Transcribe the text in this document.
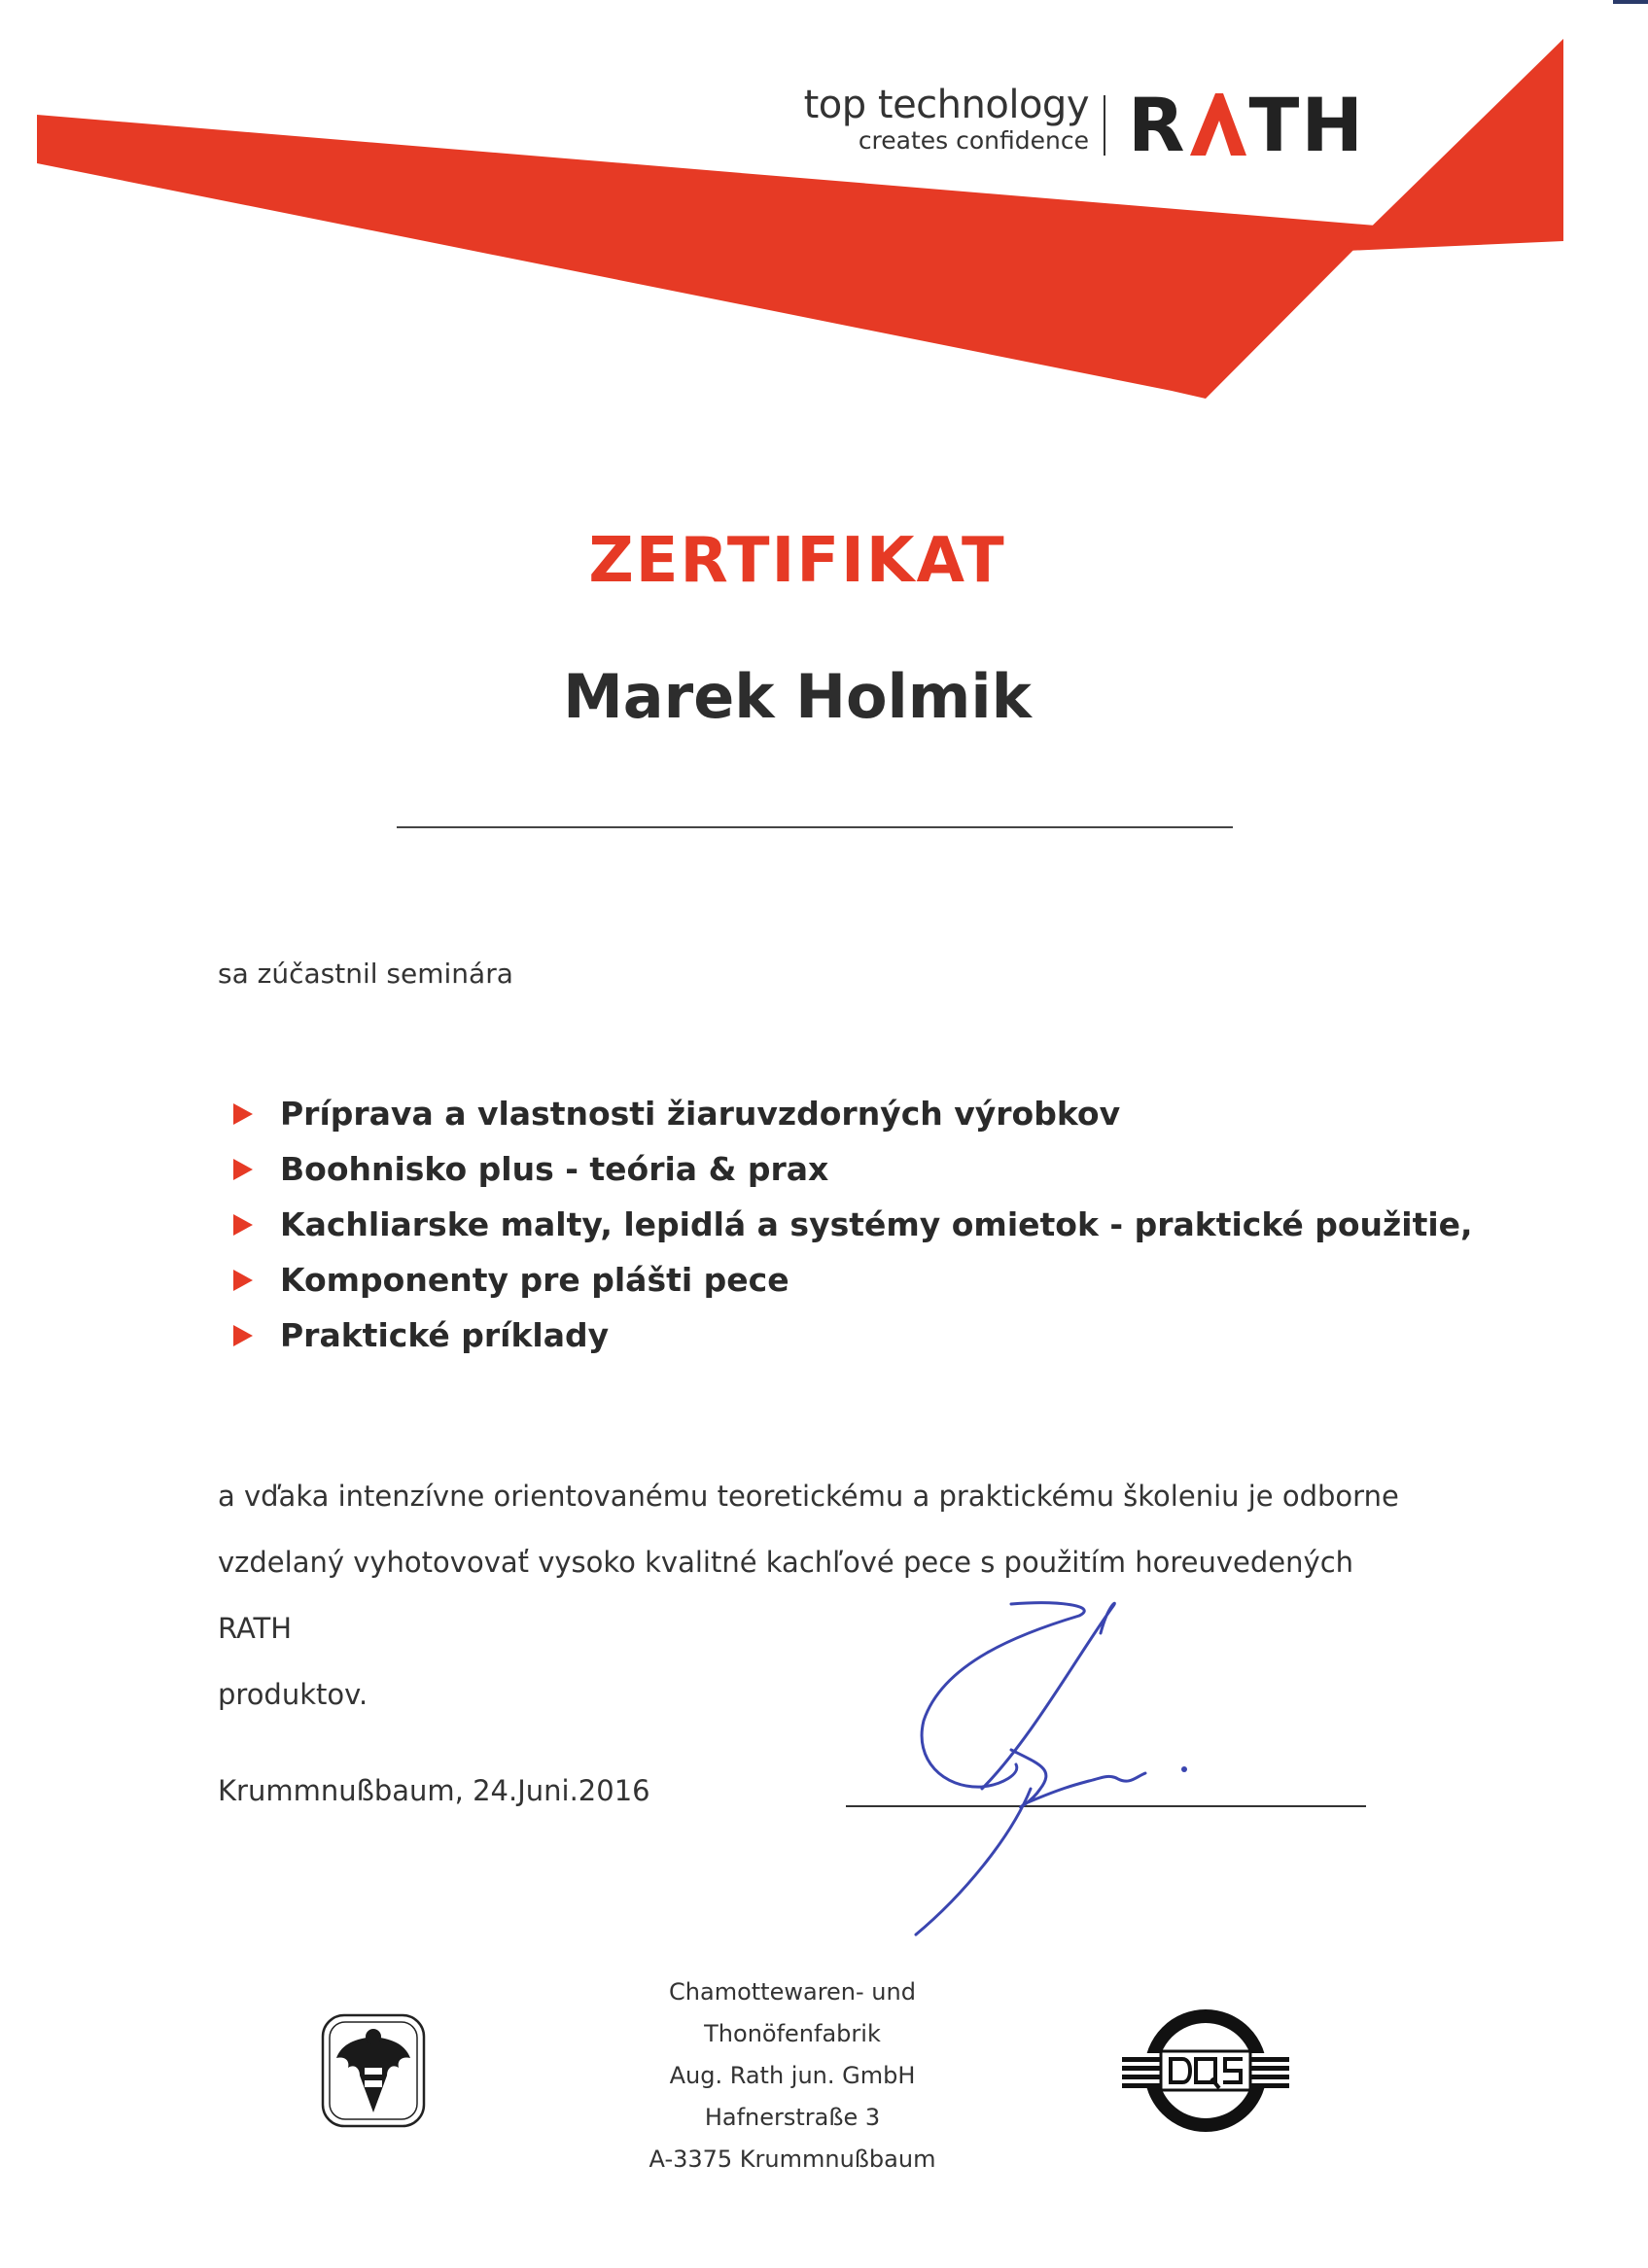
top technology
creates confidence R TH
ZERTIFIKAT
Marek Holmik
sa zúčastnil seminára
Príprava a vlastnosti žiaruvzdorných výrobkov
Boohnisko plus - teória & prax
Kachliarske malty, lepidlá a systémy omietok - praktické použitie,
Komponenty pre plášti pece
Praktické príklady

a vďaka intenzívne orientovanému teoretickému a praktickému školeniu je odborne
vzdelaný vyhotovovať vysoko kvalitné kachľové pece s použitím horeuvedených RATH
produktov.

Krummnußbaum, 24.Juni.2016
Chamottewaren- und
Thonöfenfabrik
Aug. Rath jun. GmbH
Hafnerstraße 3
A-3375 Krummnußbaum
